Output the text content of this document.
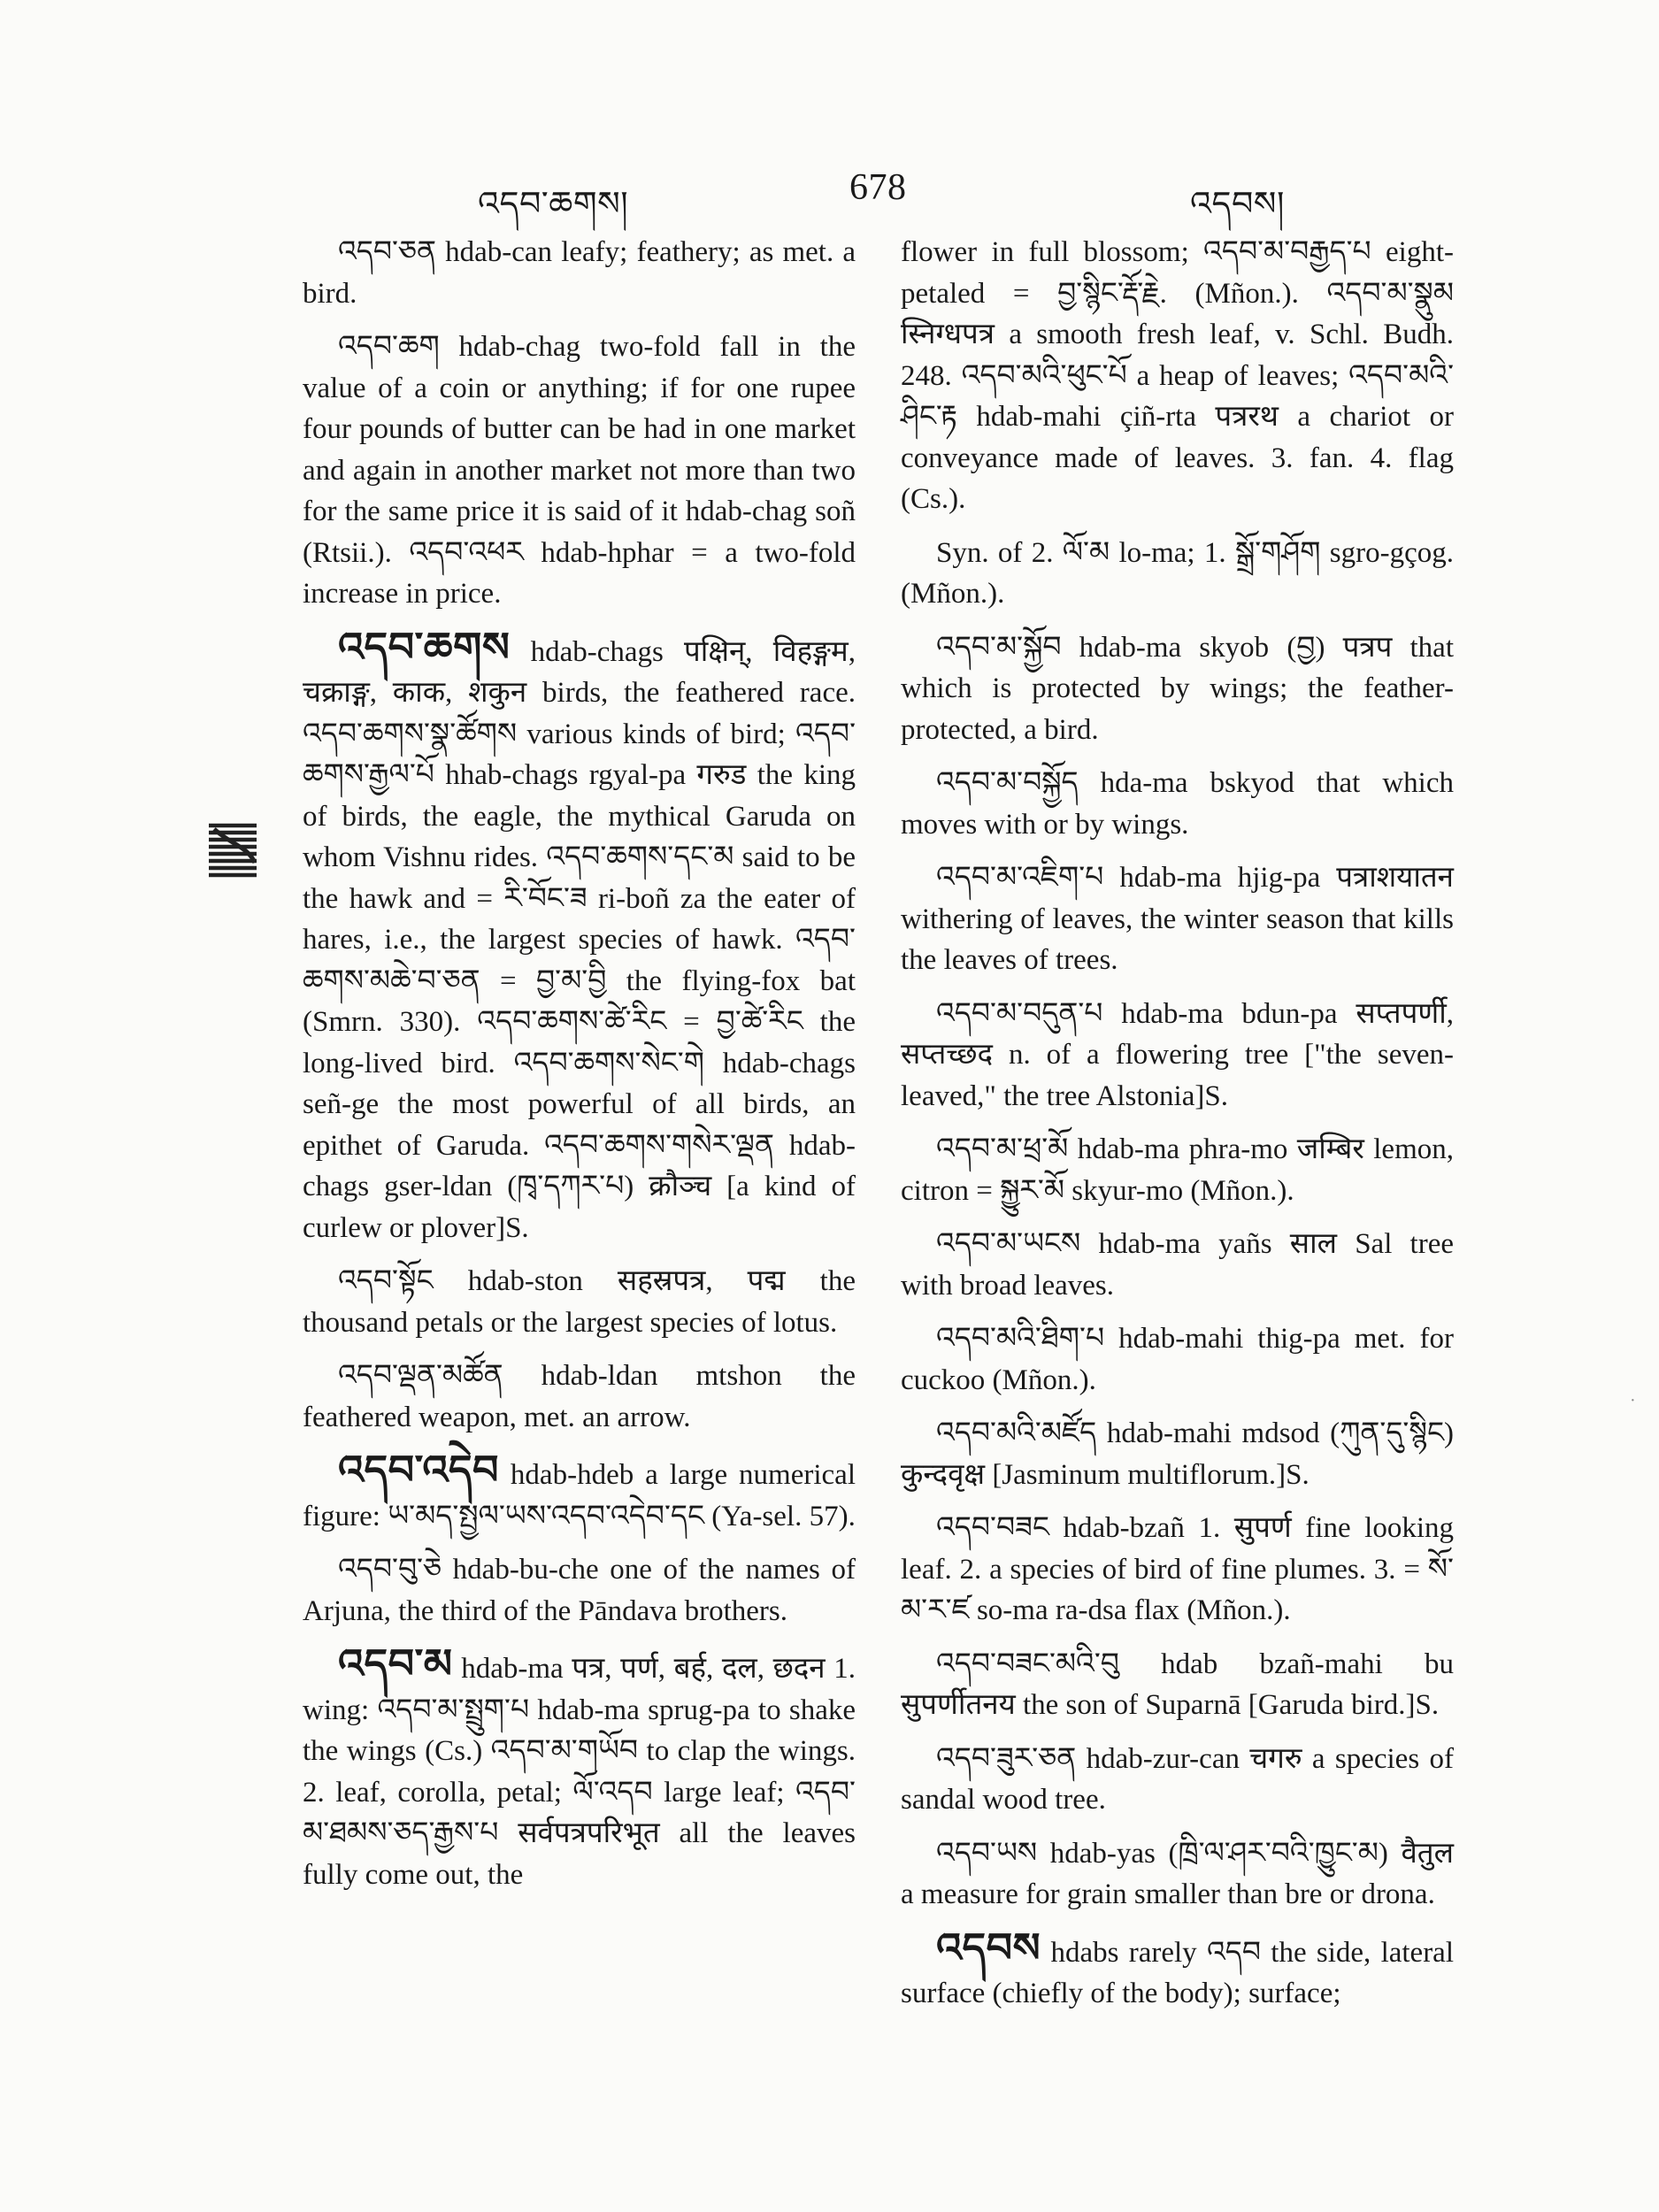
འདབ་ཆགས།	678	འདབས།
·

འདབ་ཅན hdab-can leafy; feathery; as met. a bird.

འདབ་ཆག hdab-chag two-fold fall in the value of a coin or anything; if for one rupee four pounds of butter can be had in one market and again in another market not more than two for the same price it is said of it hdab-chag soñ (Rtsii.). འདབ་འཕར hdab-hphar = a two-fold increase in price.

འདབ་ཆགས hdab-chags पक्षिन्, विहङ्गम, चक्राङ्ग, काक, शकुन birds, the feathered race. འདབ་ཆགས་སྣ་ཚོགས various kinds of bird; འདབ་ཆགས་རྒྱལ་པོ hhab-chags rgyal-pa गरुड the king of birds, the eagle, the mythical Garuda on whom Vishnu rides. འདབ་ཆགས་དང་མ said to be the hawk and = རི་བོང་ཟ ri-boñ za the eater of hares, i.e., the largest species of hawk. འདབ་ཆགས་མཆེ་བ་ཅན = བྱ་མ་བྱི the flying-fox bat (Smrn. 330). འདབ་ཆགས་ཚེ་རིང = བྱ་ཚེ་རིང the long-lived bird. འདབ་ཆགས་སེང་གེ hdab-chags señ-ge the most powerful of all birds, an epithet of Garuda. འདབ་ཆགས་གསེར་ལྡན hdab-chags gser-ldan (ཁྭ་དཀར་པ) क्रौञ्च [a kind of curlew or plover]S.

འདབ་སྟོང hdab-ston सहस्रपत्र, पद्म the thousand petals or the largest species of lotus.

འདབ་ལྡན་མཚོན hdab-ldan mtshon the feathered weapon, met. an arrow.

འདབ་འདེབ hdab-hdeb a large numerical figure: ཡ་མད་སྤྱལ་ཡས་འདབ་འདེབ་དང (Ya-sel. 57).

འདབ་བུ་ཅེ hdab-bu-che one of the names of Arjuna, the third of the Pāndava brothers.

འདབ་མ hdab-ma पत्र, पर्ण, बर्ह, दल, छदन 1. wing: འདབ་མ་སྤྲུག་པ hdab-ma sprug-pa to shake the wings (Cs.) འདབ་མ་གཡོབ to clap the wings. 2. leaf, corolla, petal; ལོ་འདབ large leaf; འདབ་མ་ཐམས་ཅད་རྒྱས་པ सर्वपत्रपरिभूत all the leaves fully come out, the

flower in full blossom; འདབ་མ་བརྒྱད་པ eight-petaled = བྱ་སྙིང་རྡོ་རྗེ. (Mñon.). འདབ་མ་སྣུམ स्निग्धपत्र a smooth fresh leaf, v. Schl. Budh. 248. འདབ་མའི་ཕུང་པོ a heap of leaves; འདབ་མའི་ཤིང་རྟ hdab-mahi çiñ-rta पत्ररथ a chariot or conveyance made of leaves. 3. fan. 4. flag (Cs.).

Syn. of 2. ལོ་མ lo-ma; 1. སྒྲོ་གཤོག sgro-gçog. (Mñon.).

འདབ་མ་སྐྱོབ hdab-ma skyob (བྱ) पत्रप that which is protected by wings; the feather-protected, a bird.

འདབ་མ་བསྐྱོད hda-ma bskyod that which moves with or by wings.

འདབ་མ་འཇིག་པ hdab-ma hjig-pa पत्राशयातन withering of leaves, the winter season that kills the leaves of trees.

འདབ་མ་བདུན་པ hdab-ma bdun-pa सप्तपर्णी, सप्तच्छद n. of a flowering tree ["the seven-leaved," the tree Alstonia]S.

འདབ་མ་ཕྲ་མོ hdab-ma phra-mo जम्बिर lemon, citron = སྐྱུར་མོ skyur-mo (Mñon.).

འདབ་མ་ཡངས hdab-ma yañs साल Sal tree with broad leaves.

འདབ་མའི་ཐིག་པ hdab-mahi thig-pa met. for cuckoo (Mñon.).

འདབ་མའི་མཛོད hdab-mahi mdsod (ཀུན་དུ་སྙིང) कुन्दवृक्ष [Jasminum multiflorum.]S.

འདབ་བཟང hdab-bzañ 1. सुपर्ण fine looking leaf. 2. a species of bird of fine plumes. 3. = སོ་མ་ར་ཛ so-ma ra-dsa flax (Mñon.).

འདབ་བཟང་མའི་བུ hdab bzañ-mahi bu सुपर्णीतनय the son of Suparnā [Garuda bird.]S.

འདབ་ཟུར་ཅན hdab-zur-can चगरु a species of sandal wood tree.

འདབ་ཡས hdab-yas (ཁྲི་ལ་ཤར་བའི་ཁྱུང་མ) वैतुल a measure for grain smaller than bre or drona.

འདབས hdabs rarely འདབ the side, lateral surface (chiefly of the body); surface;
